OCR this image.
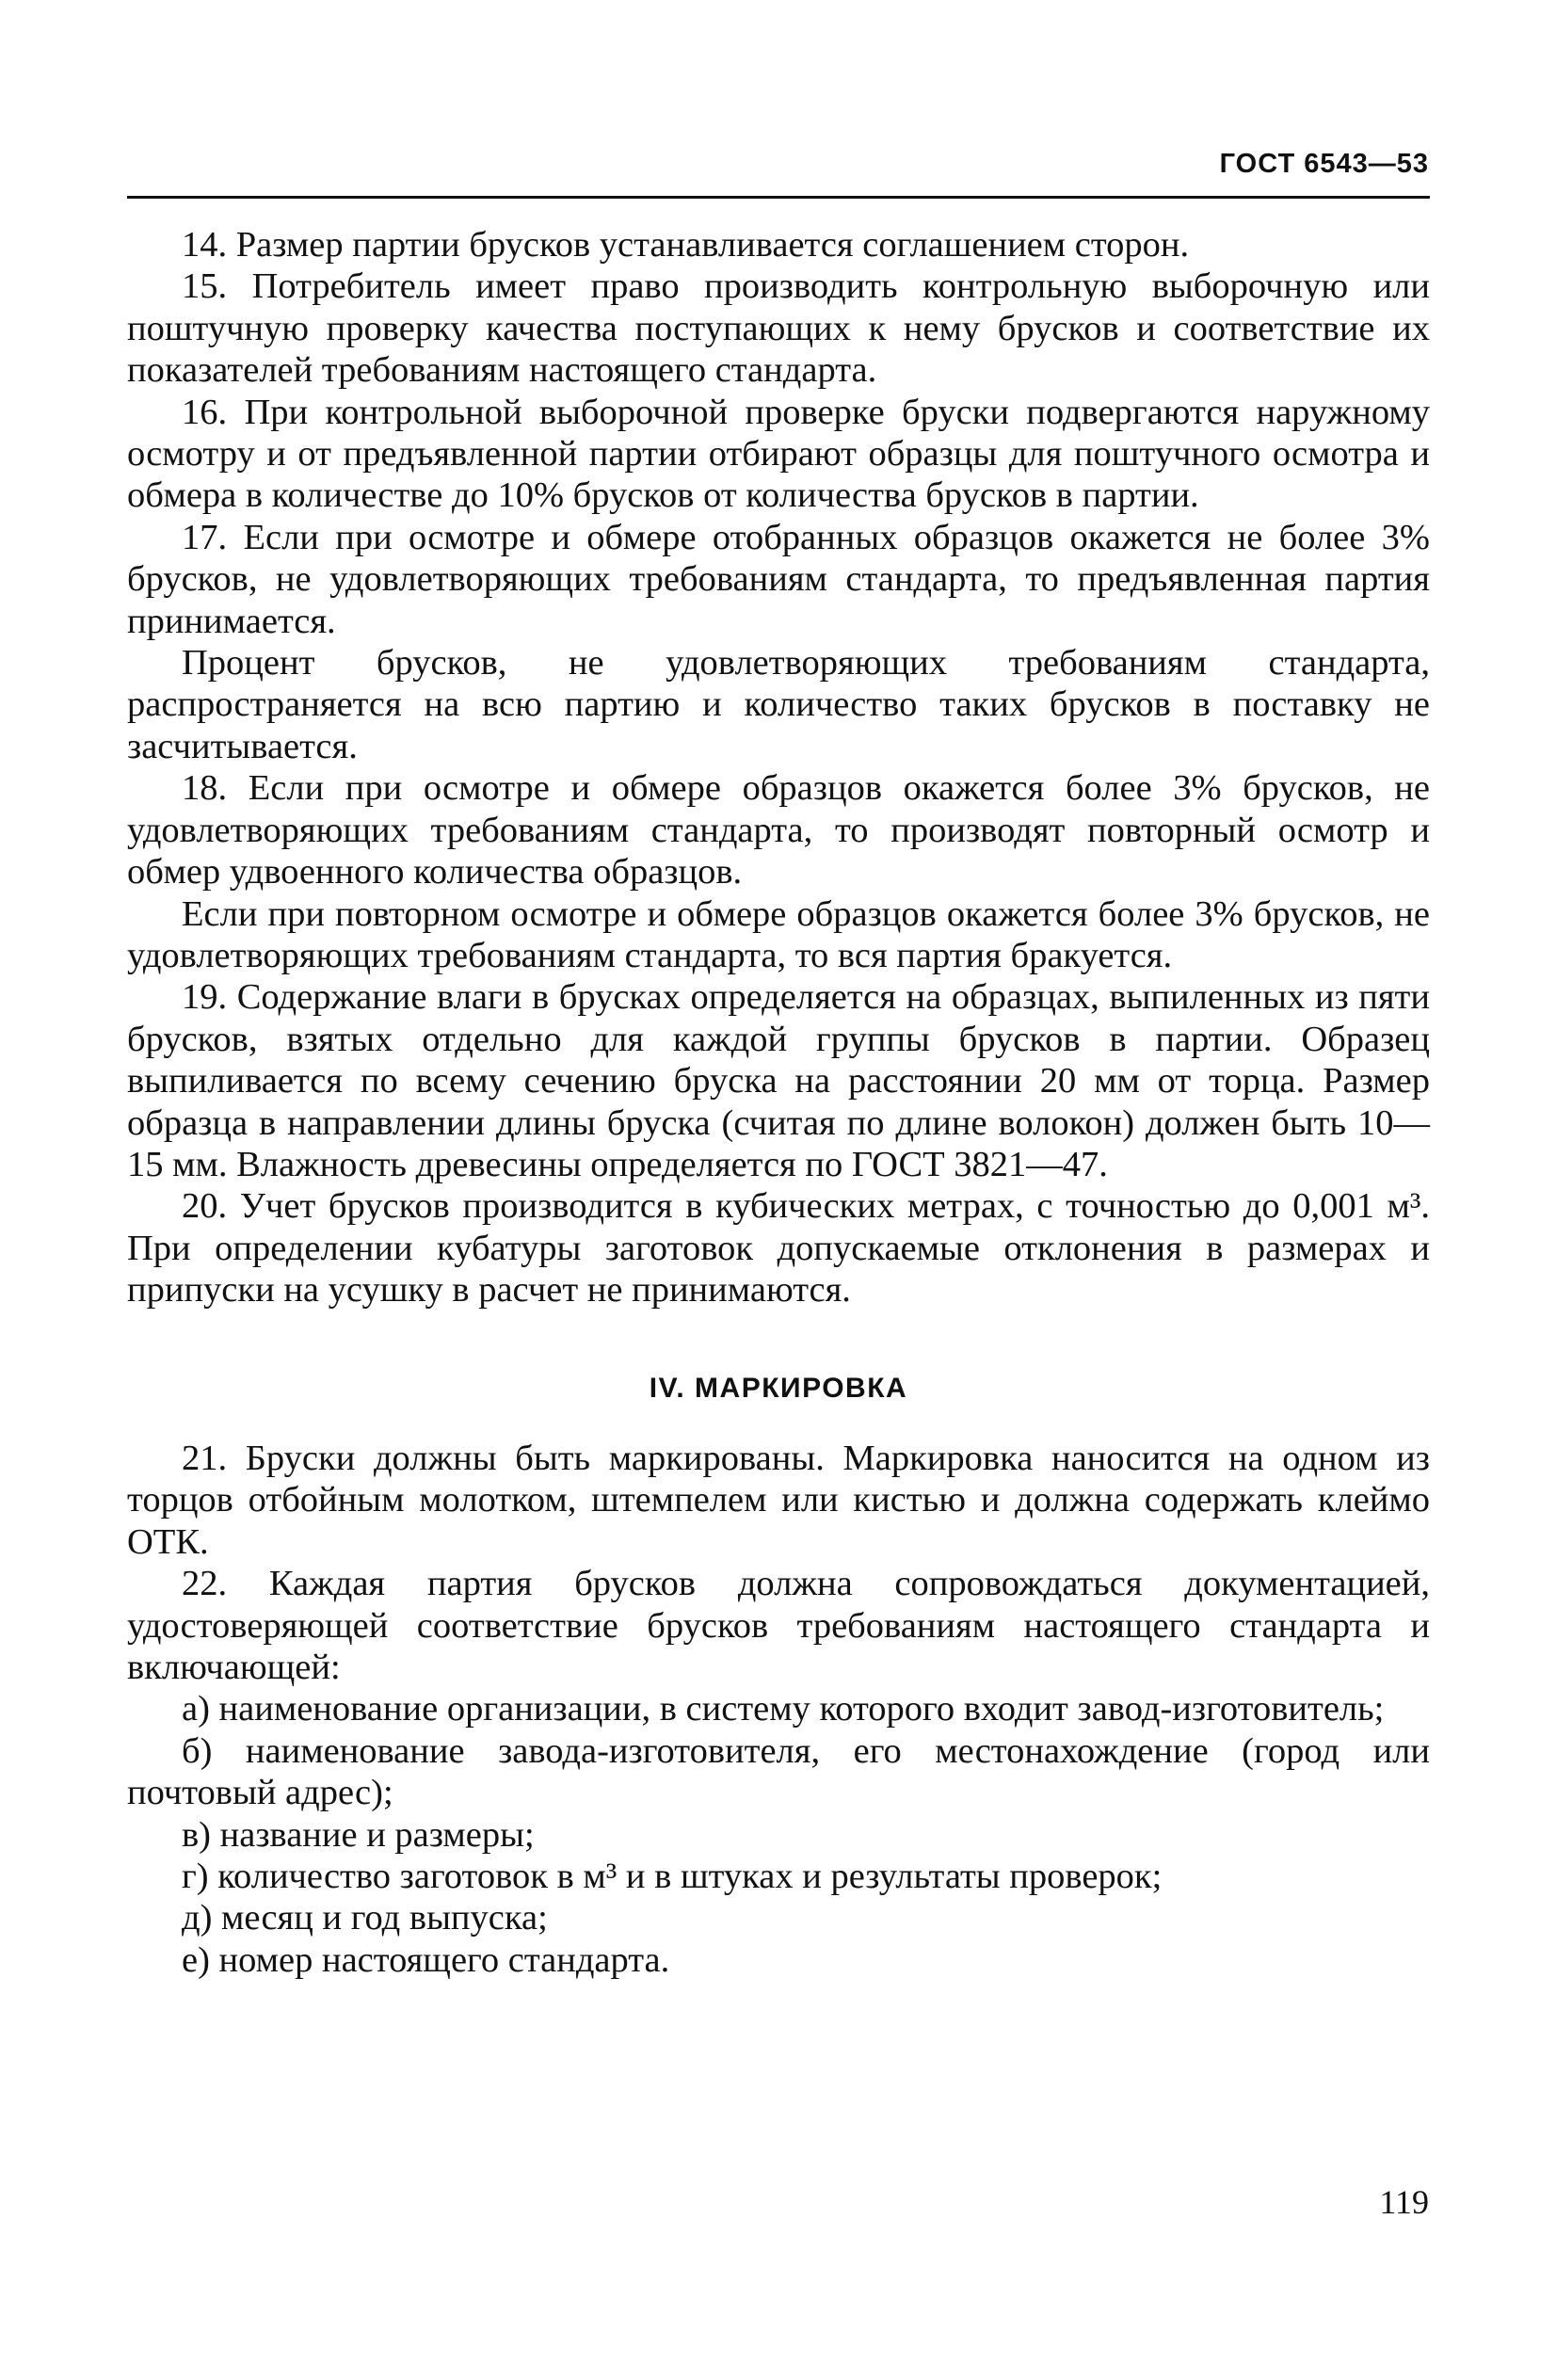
ГОСТ 6543—53

14. Размер партии брусков устанавливается соглашением сторон.

15. Потребитель имеет право производить контрольную выборочную или поштучную проверку качества поступающих к нему брусков и соответствие их показателей требованиям настоящего стандарта.

16. При контрольной выборочной проверке бруски подвергаются наружному осмотру и от предъявленной партии отбирают образцы для поштучного осмотра и обмера в количестве до 10% брусков от количества брусков в партии.

17. Если при осмотре и обмере отобранных образцов окажется не более 3% брусков, не удовлетворяющих требованиям стандарта, то предъявленная партия принимается.

Процент брусков, не удовлетворяющих требованиям стандарта, распространяется на всю партию и количество таких брусков в поставку не засчитывается.

18. Если при осмотре и обмере образцов окажется более 3% брусков, не удовлетворяющих требованиям стандарта, то производят повторный осмотр и обмер удвоенного количества образцов.

Если при повторном осмотре и обмере образцов окажется более 3% брусков, не удовлетворяющих требованиям стандарта, то вся партия бракуется.

19. Содержание влаги в брусках определяется на образцах, выпиленных из пяти брусков, взятых отдельно для каждой группы брусков в партии. Образец выпиливается по всему сечению бруска на расстоянии 20 мм от торца. Размер образца в направлении длины бруска (считая по длине волокон) должен быть 10—15 мм. Влажность древесины определяется по ГОСТ 3821—47.

20. Учет брусков производится в кубических метрах, с точностью до 0,001 м³. При определении кубатуры заготовок допускаемые отклонения в размерах и припуски на усушку в расчет не принимаются.

IV. МАРКИРОВКА

21. Бруски должны быть маркированы. Маркировка наносится на одном из торцов отбойным молотком, штемпелем или кистью и должна содержать клеймо ОТК.

22. Каждая партия брусков должна сопровождаться документацией, удостоверяющей соответствие брусков требованиям настоящего стандарта и включающей:

а) наименование организации, в систему которого входит завод-изготовитель;

б) наименование завода-изготовителя, его местонахождение (город или почтовый адрес);

в) название и размеры;

г) количество заготовок в м³ и в штуках и результаты проверок;

д) месяц и год выпуска;

е) номер настоящего стандарта.

119
